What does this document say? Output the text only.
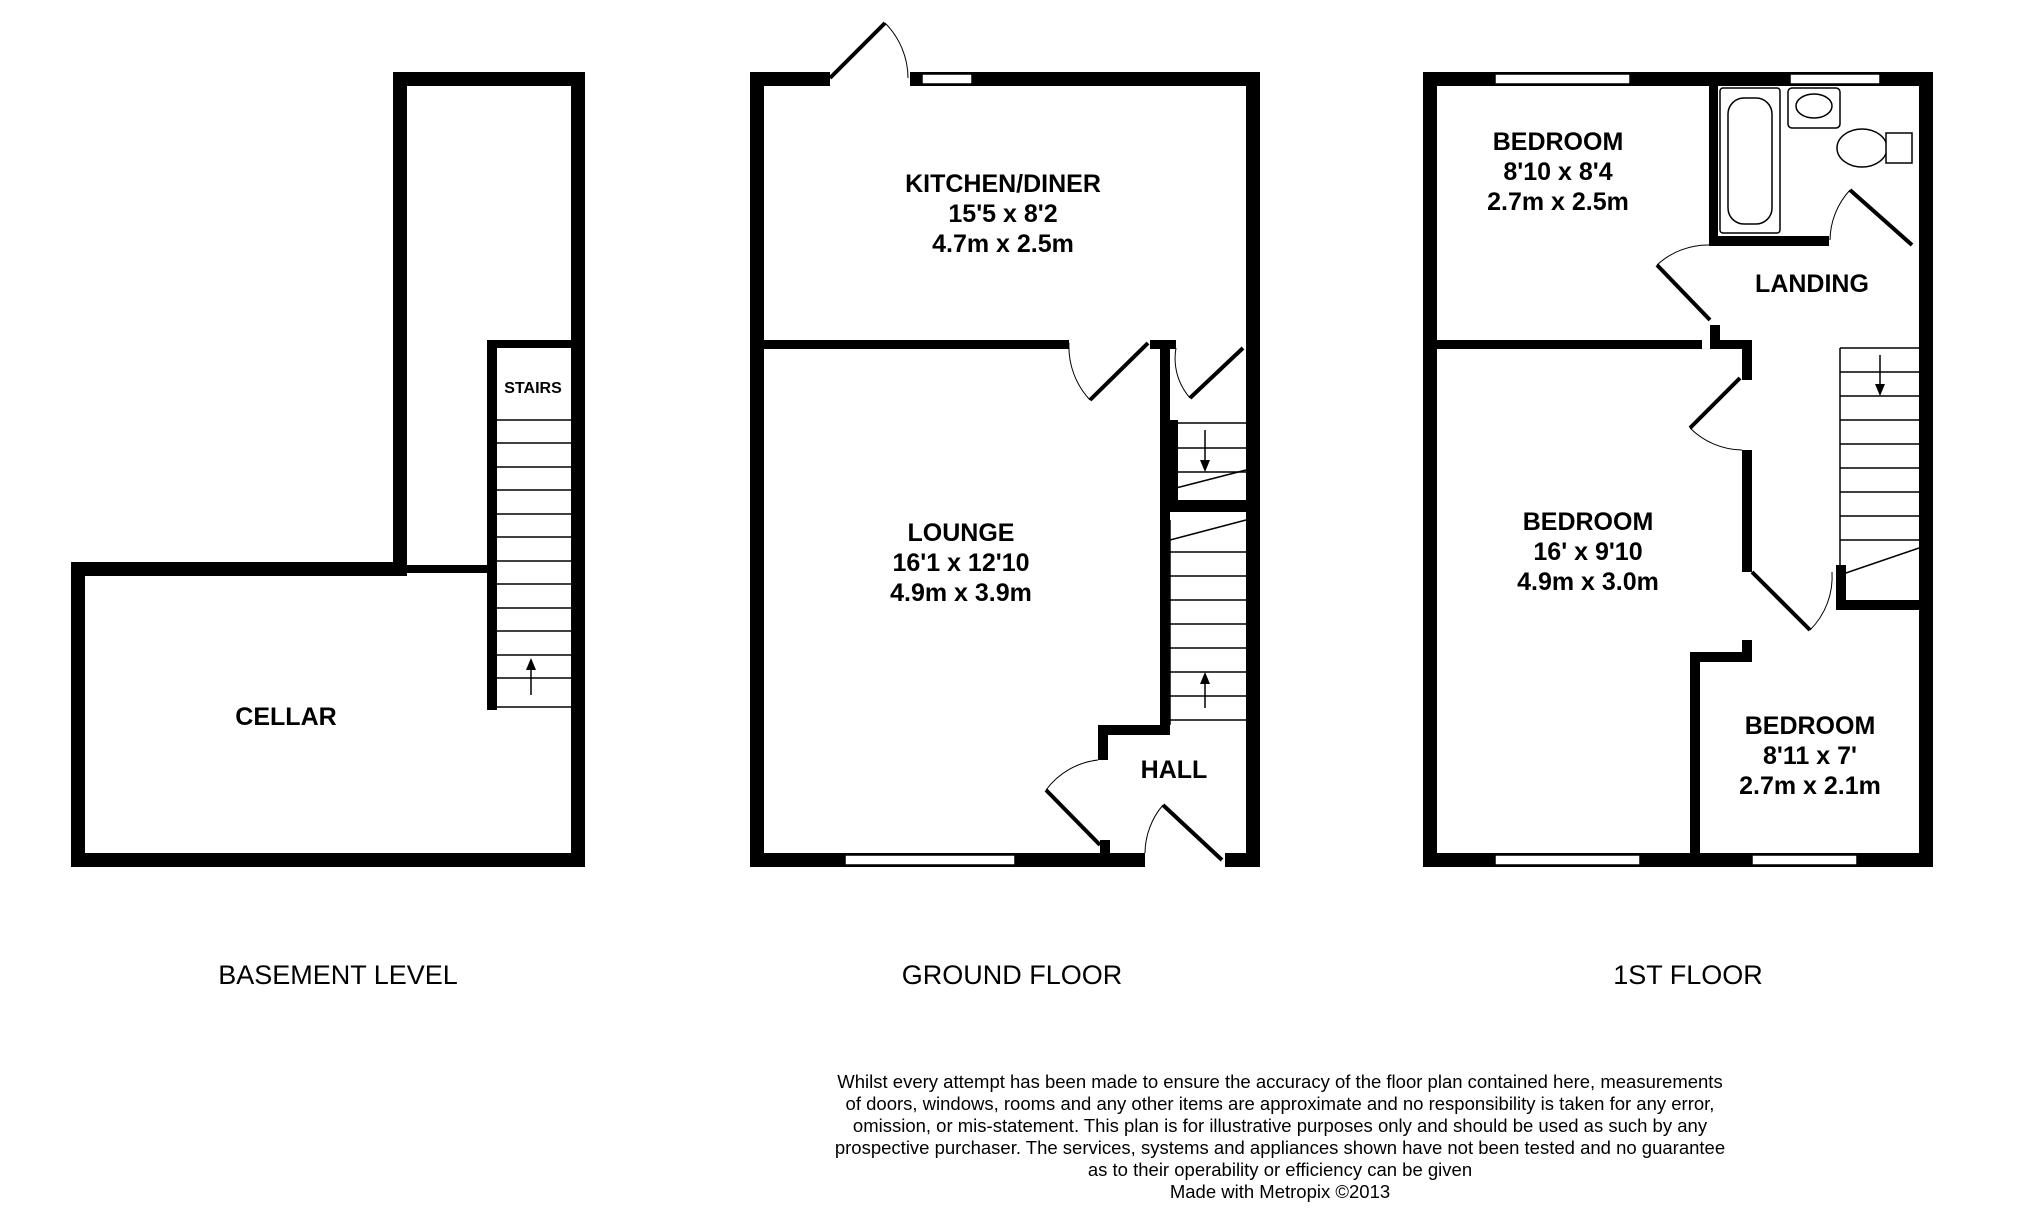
STAIRS
CELLAR
KITCHEN/DINER
15'5 x 8'2
4.7m x 2.5m
LOUNGE
16'1 x 12'10
4.9m x 3.9m
HALL
BEDROOM
8'10 x 8'4
2.7m x 2.5m
LANDING
BEDROOM
16' x 9'10
4.9m x 3.0m
BEDROOM
8'11 x 7'
2.7m x 2.1m
BASEMENT LEVEL	GROUND FLOOR	1ST FLOOR
Whilst every attempt has been made to ensure the accuracy of the floor plan contained here, measurements
of doors, windows, rooms and any other items are approximate and no responsibility is taken for any error,
omission, or mis-statement. This plan is for illustrative purposes only and should be used as such by any
prospective purchaser. The services, systems and appliances shown have not been tested and no guarantee
as to their operability or efficiency can be given
Made with Metropix ©2013
